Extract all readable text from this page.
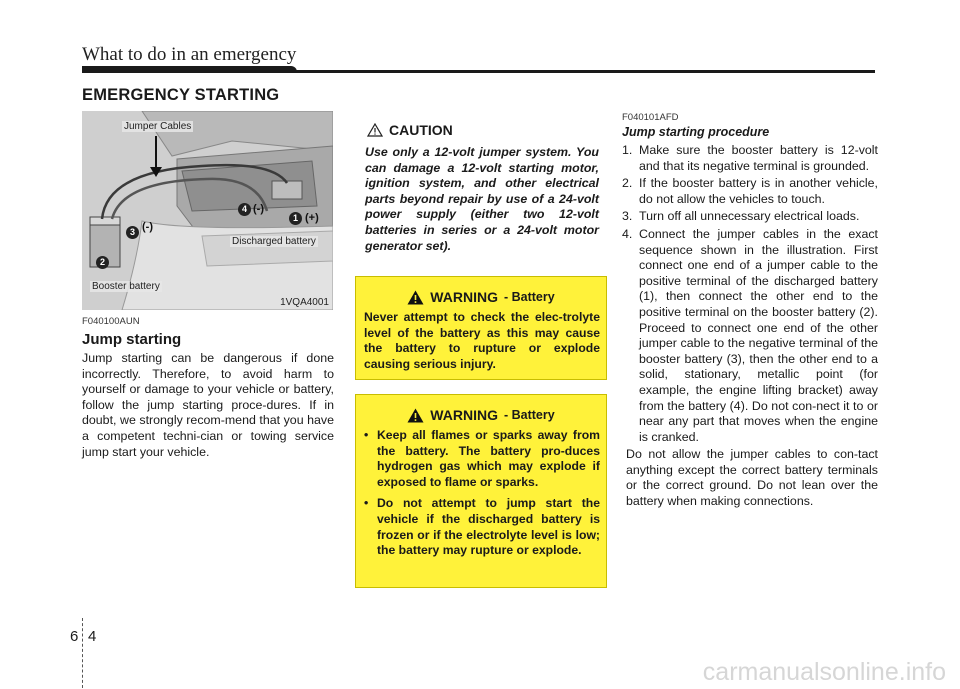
What to do in an emergency
EMERGENCY STARTING
Jumper Cables
Discharged battery
Booster battery
1VQA4001
1 (+)
2
3 (-)
4 (-)
F040100AUN
Jump starting
Jump starting can be dangerous if done incorrectly. Therefore, to avoid harm to yourself or damage to your vehicle or battery, follow the jump starting proce-dures. If in doubt, we strongly recom-mend that you have a competent techni-cian or towing service jump start your vehicle.
CAUTION
Use only a 12-volt jumper system. You can damage a 12-volt starting motor, ignition system, and other electrical parts beyond repair by use of a 24-volt power supply (either two 12-volt batteries in series or a 24-volt motor generator set).
WARNING - Battery
Never attempt to check the elec-trolyte level of the battery as this may cause the battery to rupture or explode causing serious injury.
WARNING - Battery
• Keep all flames or sparks away from the battery. The battery pro-duces hydrogen gas which may explode if exposed to flame or sparks.
• Do not attempt to jump start the vehicle if the discharged battery is frozen or if the electrolyte level is low; the battery may rupture or explode.
F040101AFD
Jump starting procedure
1. Make sure the booster battery is 12-volt and that its negative terminal is grounded.
2. If the booster battery is in another vehicle, do not allow the vehicles to touch.
3. Turn off all unnecessary electrical loads.
4. Connect the jumper cables in the exact sequence shown in the illustration. First connect one end of a jumper cable to the positive terminal of the discharged battery (1), then connect the other end to the positive terminal on the booster battery (2). Proceed to connect one end of the other jumper cable to the negative terminal of the booster battery (3), then the other end to a solid, stationary, metallic point (for example, the engine lifting bracket) away from the battery (4). Do not con-nect it to or near any part that moves when the engine is cranked.
Do not allow the jumper cables to con-tact anything except the correct battery terminals or the correct ground. Do not lean over the battery when making connections.
6 4
carmanualsonline.info
